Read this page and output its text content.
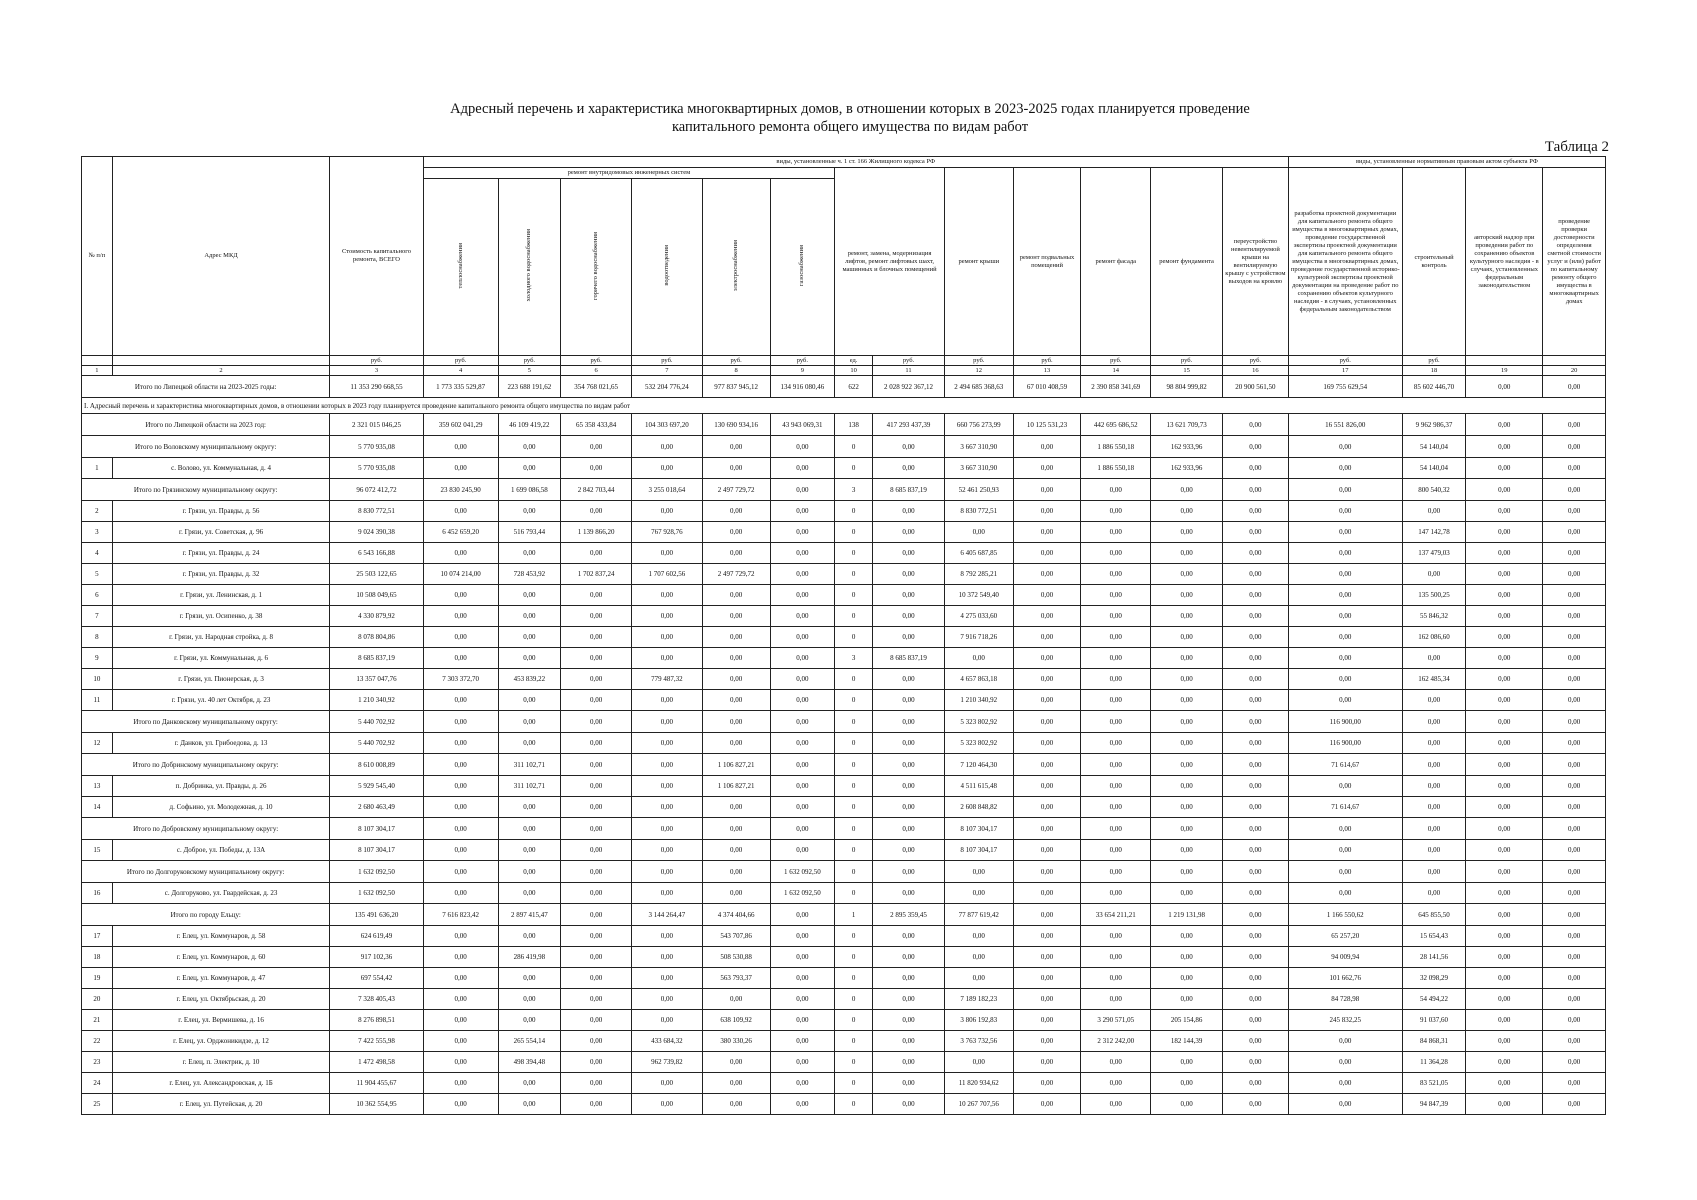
Адресный перечень и характеристика многоквартирных домов, в отношении которых в 2023-2025 годах планируется проведение
капитального ремонта общего имущества по видам работ
Таблица 2
№ п/п	Адрес МКД	Стоимость капитального ремонта, ВСЕГО	виды, установленные ч. 1 ст. 166 Жилищного кодекса РФ													виды, установленные нормативным правовым актом субъекта РФ			
			ремонт внутридомовых инженерных систем						ремонт, замена, модернизация лифтов, ремонт лифтовых шахт, машинных и блочных помещений		ремонт крыши	ремонт подвальных помещений	ремонт фасада	ремонт фундамента	переустройство невентилируемой крыши на вентилируемую крышу с устройством выходов на кровлю	разработка проектной документации для капитального ремонта общего имущества в многоквартирных домах, проведение государственной экспертизы проектной документации для капитального ремонта общего имущества в многоквартирных домах, проведение государственной историко-культурной экспертизы проектной документации на проведение работ по сохранению объектов культурного наследия - в случаях, установленных федеральным законодательством	строительный контроль	авторский надзор при проведении работ по сохранению объектов культурного наследия - в случаях, установленных федеральным законодательством	проведение проверки достоверности определения сметной стоимости услуг и (или) работ по капитальному ремонту общего имущества в многоквартирных домах
			теплоснабжения	холодного водоснабжения	горячего водоснабжения	водоотведения	электроснабжения	газоснабжения											
		руб.	руб.	руб.	руб.	руб.	руб.	руб.	ед.	руб.	руб.	руб.	руб.	руб.	руб.	руб.	руб.		
1	2	3	4	5	6	7	8	9	10	11	12	13	14	15	16	17	18	19	20
Итого по Липецкой области на 2023-2025 годы:		11 353 290 668,55	1 773 335 529,87	223 688 191,62	354 768 021,65	532 204 776,24	977 837 945,12	134 916 080,46	622	2 028 922 367,12	2 494 685 368,63	67 010 408,59	2 390 858 341,69	98 804 999,82	20 900 561,50	169 755 629,54	85 602 446,70	0,00	0,00
I. Адресный перечень и характеристика многоквартирных домов, в отношении которых в 2023 году планируется проведение капитального ремонта общего имущества по видам работ																			
Итого по Липецкой области на 2023 год:		2 321 015 046,25	359 602 041,29	46 109 419,22	65 358 433,84	104 303 697,20	130 690 934,16	43 943 069,31	138	417 293 437,39	660 756 273,99	10 125 531,23	442 695 686,52	13 621 709,73	0,00	16 551 826,00	9 962 986,37	0,00	0,00
Итого по Воловскому муниципальному округу:		5 770 935,08	0,00	0,00	0,00	0,00	0,00	0,00	0	0,00	3 667 310,90	0,00	1 886 550,18	162 933,96	0,00	0,00	54 140,04	0,00	0,00
1	с. Волово, ул. Коммунальная, д. 4	5 770 935,08	0,00	0,00	0,00	0,00	0,00	0,00	0	0,00	3 667 310,90	0,00	1 886 550,18	162 933,96	0,00	0,00	54 140,04	0,00	0,00
Итого по Грязинскому муниципальному округу:		96 072 412,72	23 830 245,90	1 699 086,58	2 842 703,44	3 255 018,64	2 497 729,72	0,00	3	8 685 837,19	52 461 250,93	0,00	0,00	0,00	0,00	0,00	800 540,32	0,00	0,00
2	г. Грязи, ул. Правды, д. 56	8 830 772,51	0,00	0,00	0,00	0,00	0,00	0,00	0	0,00	8 830 772,51	0,00	0,00	0,00	0,00	0,00	0,00	0,00	0,00
3	г. Грязи, ул. Советская, д. 96	9 024 390,38	6 452 659,20	516 793,44	1 139 866,20	767 928,76	0,00	0,00	0	0,00	0,00	0,00	0,00	0,00	0,00	0,00	147 142,78	0,00	0,00
4	г. Грязи, ул. Правды, д. 24	6 543 166,88	0,00	0,00	0,00	0,00	0,00	0,00	0	0,00	6 405 687,85	0,00	0,00	0,00	0,00	0,00	137 479,03	0,00	0,00
5	г. Грязи, ул. Правды, д. 32	25 503 122,65	10 074 214,00	728 453,92	1 702 837,24	1 707 602,56	2 497 729,72	0,00	0	0,00	8 792 285,21	0,00	0,00	0,00	0,00	0,00	0,00	0,00	0,00
6	г. Грязи, ул. Ленинская, д. 1	10 508 049,65	0,00	0,00	0,00	0,00	0,00	0,00	0	0,00	10 372 549,40	0,00	0,00	0,00	0,00	0,00	135 500,25	0,00	0,00
7	г. Грязи, ул. Осипенко, д. 38	4 330 879,92	0,00	0,00	0,00	0,00	0,00	0,00	0	0,00	4 275 033,60	0,00	0,00	0,00	0,00	0,00	55 846,32	0,00	0,00
8	г. Грязи, ул. Народная стройка, д. 8	8 078 804,86	0,00	0,00	0,00	0,00	0,00	0,00	0	0,00	7 916 718,26	0,00	0,00	0,00	0,00	0,00	162 086,60	0,00	0,00
9	г. Грязи, ул. Коммунальная, д. 6	8 685 837,19	0,00	0,00	0,00	0,00	0,00	0,00	3	8 685 837,19	0,00	0,00	0,00	0,00	0,00	0,00	0,00	0,00	0,00
10	г. Грязи, ул. Пионерская, д. 3	13 357 047,76	7 303 372,70	453 839,22	0,00	779 487,32	0,00	0,00	0	0,00	4 657 863,18	0,00	0,00	0,00	0,00	0,00	162 485,34	0,00	0,00
11	г. Грязи, ул. 40 лет Октября, д. 23	1 210 340,92	0,00	0,00	0,00	0,00	0,00	0,00	0	0,00	1 210 340,92	0,00	0,00	0,00	0,00	0,00	0,00	0,00	0,00
Итого по Данковскому муниципальному округу:		5 440 702,92	0,00	0,00	0,00	0,00	0,00	0,00	0	0,00	5 323 802,92	0,00	0,00	0,00	0,00	116 900,00	0,00	0,00	0,00
12	г. Данков, ул. Грибоедова, д. 13	5 440 702,92	0,00	0,00	0,00	0,00	0,00	0,00	0	0,00	5 323 802,92	0,00	0,00	0,00	0,00	116 900,00	0,00	0,00	0,00
Итого по Добринскому муниципальному округу:		8 610 008,89	0,00	311 102,71	0,00	0,00	1 106 827,21	0,00	0	0,00	7 120 464,30	0,00	0,00	0,00	0,00	71 614,67	0,00	0,00	0,00
13	п. Добринка, ул. Правды, д. 26	5 929 545,40	0,00	311 102,71	0,00	0,00	1 106 827,21	0,00	0	0,00	4 511 615,48	0,00	0,00	0,00	0,00	0,00	0,00	0,00	0,00
14	д. Софьино, ул. Молодежная, д. 10	2 680 463,49	0,00	0,00	0,00	0,00	0,00	0,00	0	0,00	2 608 848,82	0,00	0,00	0,00	0,00	71 614,67	0,00	0,00	0,00
Итого по Добровскому муниципальному округу:		8 107 304,17	0,00	0,00	0,00	0,00	0,00	0,00	0	0,00	8 107 304,17	0,00	0,00	0,00	0,00	0,00	0,00	0,00	0,00
15	с. Доброе, ул. Победы, д. 13А	8 107 304,17	0,00	0,00	0,00	0,00	0,00	0,00	0	0,00	8 107 304,17	0,00	0,00	0,00	0,00	0,00	0,00	0,00	0,00
Итого по Долгоруковскому муниципальному округу:		1 632 092,50	0,00	0,00	0,00	0,00	0,00	1 632 092,50	0	0,00	0,00	0,00	0,00	0,00	0,00	0,00	0,00	0,00	0,00
16	с. Долгоруково, ул. Гвардейская, д. 23	1 632 092,50	0,00	0,00	0,00	0,00	0,00	1 632 092,50	0	0,00	0,00	0,00	0,00	0,00	0,00	0,00	0,00	0,00	0,00
Итого по городу Ельцу:		135 491 636,20	7 616 823,42	2 897 415,47	0,00	3 144 264,47	4 374 404,66	0,00	1	2 895 359,45	77 877 619,42	0,00	33 654 211,21	1 219 131,98	0,00	1 166 550,62	645 855,50	0,00	0,00
17	г. Елец, ул. Коммунаров, д. 58	624 619,49	0,00	0,00	0,00	0,00	543 707,86	0,00	0	0,00	0,00	0,00	0,00	0,00	0,00	65 257,20	15 654,43	0,00	0,00
18	г. Елец, ул. Коммунаров, д. 60	917 102,36	0,00	286 419,98	0,00	0,00	508 530,88	0,00	0	0,00	0,00	0,00	0,00	0,00	0,00	94 009,94	28 141,56	0,00	0,00
19	г. Елец, ул. Коммунаров, д. 47	697 554,42	0,00	0,00	0,00	0,00	563 793,37	0,00	0	0,00	0,00	0,00	0,00	0,00	0,00	101 662,76	32 098,29	0,00	0,00
20	г. Елец, ул. Октябрьская, д. 20	7 328 405,43	0,00	0,00	0,00	0,00	0,00	0,00	0	0,00	7 189 182,23	0,00	0,00	0,00	0,00	84 728,98	54 494,22	0,00	0,00
21	г. Елец, ул. Вермишева, д. 16	8 276 898,51	0,00	0,00	0,00	0,00	638 109,92	0,00	0	0,00	3 806 192,83	0,00	3 290 571,05	205 154,86	0,00	245 832,25	91 037,60	0,00	0,00
22	г. Елец, ул. Орджоникидзе, д. 12	7 422 555,98	0,00	265 554,14	0,00	433 684,32	380 330,26	0,00	0	0,00	3 763 732,56	0,00	2 312 242,00	182 144,39	0,00	0,00	84 868,31	0,00	0,00
23	г. Елец, п. Электрик, д. 10	1 472 498,58	0,00	498 394,48	0,00	962 739,82	0,00	0,00	0	0,00	0,00	0,00	0,00	0,00	0,00	0,00	11 364,28	0,00	0,00
24	г. Елец, ул. Александровская, д. 1Б	11 904 455,67	0,00	0,00	0,00	0,00	0,00	0,00	0	0,00	11 820 934,62	0,00	0,00	0,00	0,00	0,00	83 521,05	0,00	0,00
25	г. Елец, ул. Путейская, д. 20	10 362 554,95	0,00	0,00	0,00	0,00	0,00	0,00	0	0,00	10 267 707,56	0,00	0,00	0,00	0,00	0,00	94 847,39	0,00	0,00
